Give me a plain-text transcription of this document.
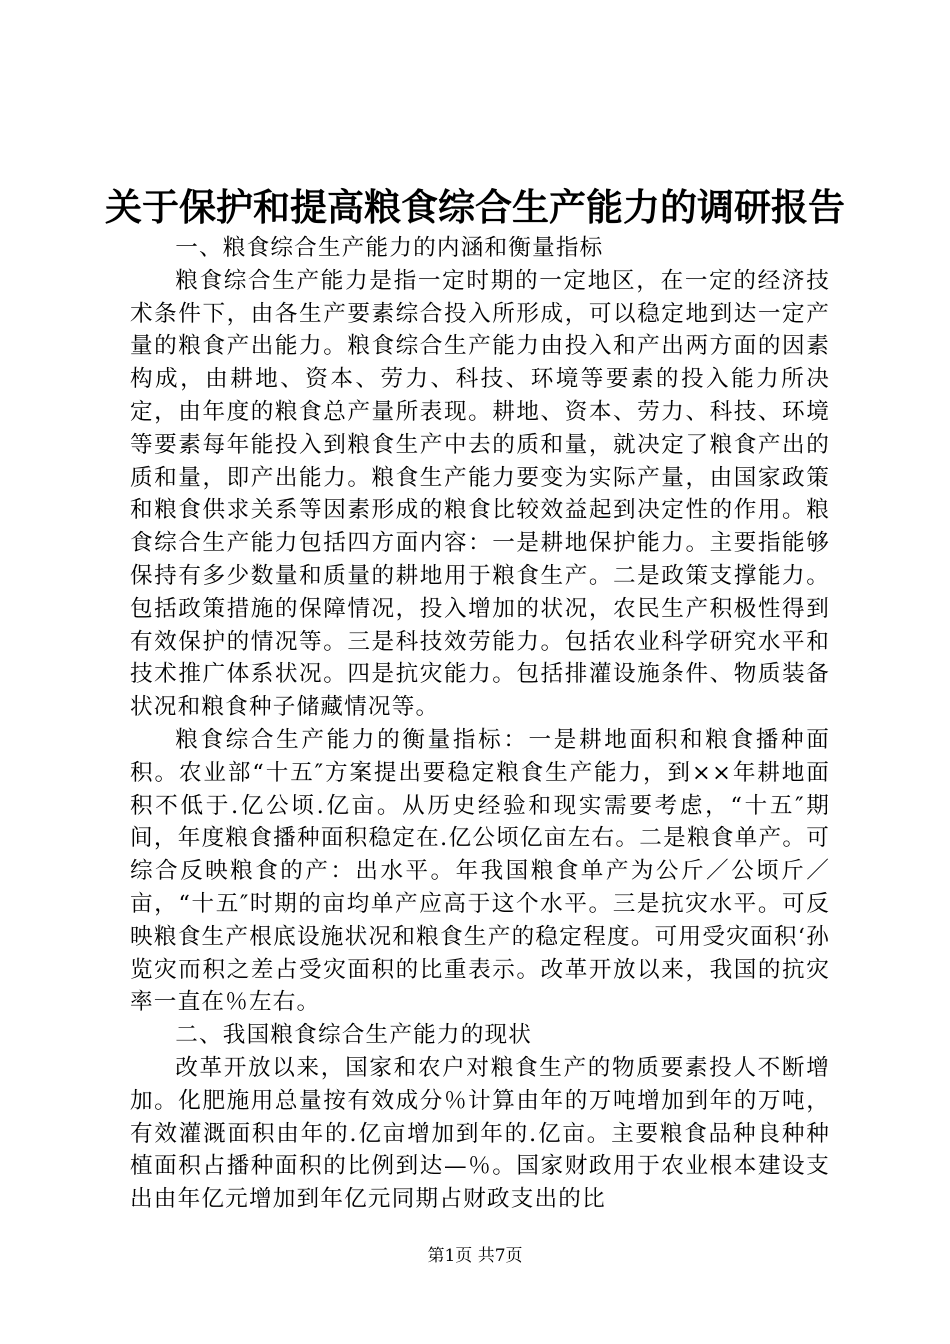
关于保护和提高粮食综合生产能力的调研报告

一、粮食综合生产能力的内涵和衡量指标

粮食综合生产能力是指一定时期的一定地区，在一定的经济技术条件下，由各生产要素综合投入所形成，可以稳定地到达一定产量的粮食产出能力。粮食综合生产能力由投入和产出两方面的因素构成，由耕地、资本、劳力、科技、环境等要素的投入能力所决定，由年度的粮食总产量所表现。耕地、资本、劳力、科技、环境等要素每年能投入到粮食生产中去的质和量，就决定了粮食产出的质和量，即产出能力。粮食生产能力要变为实际产量，由国家政策和粮食供求关系等因素形成的粮食比较效益起到决定性的作用。粮食综合生产能力包括四方面内容：一是耕地保护能力。主要指能够保持有多少数量和质量的耕地用于粮食生产。二是政策支撑能力。包括政策措施的保障情况，投入增加的状况，农民生产积极性得到有效保护的情况等。三是科技效劳能力。包括农业科学研究水平和技术推广体系状况。四是抗灾能力。包括排灌设施条件、物质装备状况和粮食种子储藏情况等。

粮食综合生产能力的衡量指标：一是耕地面积和粮食播种面积。农业部“十五″方案提出要稳定粮食生产能力，到××年耕地面积不低于.亿公顷.亿亩。从历史经验和现实需要考虑，“十五″期间，年度粮食播种面积稳定在.亿公顷亿亩左右。二是粮食单产。可综合反映粮食的产：出水平。年我国粮食单产为公斤／公顷斤／亩，“十五″时期的亩均单产应高于这个水平。三是抗灾水平。可反映粮食生产根底设施状况和粮食生产的稳定程度。可用受灾面积‘孙览灾而积之差占受灾面积的比重表示。改革开放以来，我国的抗灾率一直在％左右。

二、我国粮食综合生产能力的现状

改革开放以来，国家和农户对粮食生产的物质要素投人不断增加。化肥施用总量按有效成分％计算由年的万吨增加到年的万吨，有效灌溉面积由年的.亿亩增加到年的.亿亩。主要粮食品种良种种植面积占播种面积的比例到达—％。国家财政用于农业根本建设支出由年亿元增加到年亿元同期占财政支出的比

第1页 共7页
